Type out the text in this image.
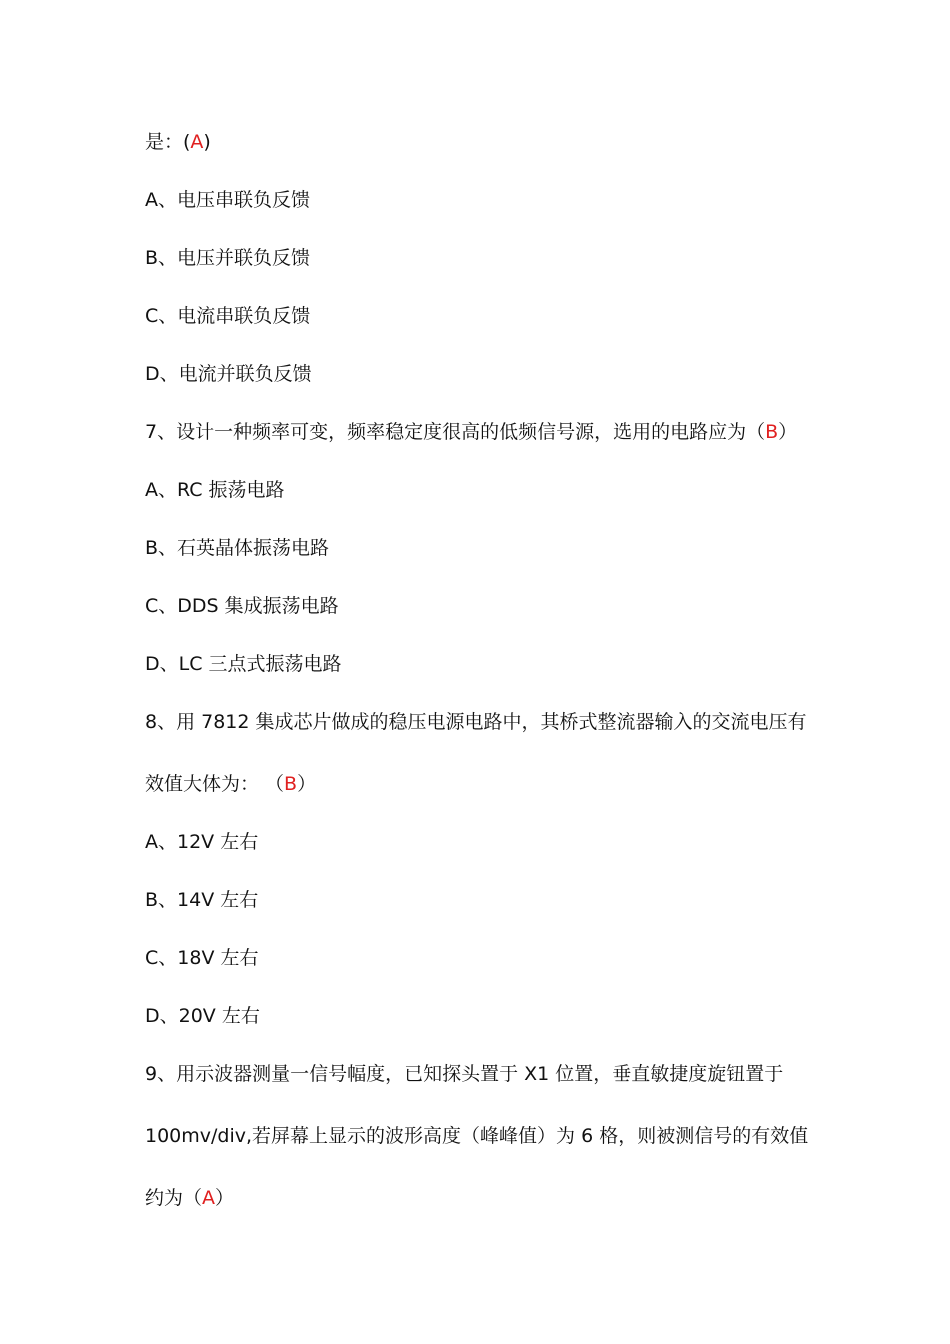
是：(A)
A、电压串联负反馈
B、电压并联负反馈
C、电流串联负反馈
D、电流并联负反馈
7、设计一种频率可变，频率稳定度很高的低频信号源，选用的电路应为（B）
A、RC 振荡电路
B、石英晶体振荡电路
C、DDS 集成振荡电路
D、LC 三点式振荡电路
8、用 7812 集成芯片做成的稳压电源电路中，其桥式整流器输入的交流电压有
效值大体为： （B）
A、12V 左右
B、14V 左右
C、18V 左右
D、20V 左右
9、用示波器测量一信号幅度，已知探头置于 X1 位置，垂直敏捷度旋钮置于
100mv/div,若屏幕上显示的波形高度（峰峰值）为 6 格，则被测信号的有效值
约为（A）
